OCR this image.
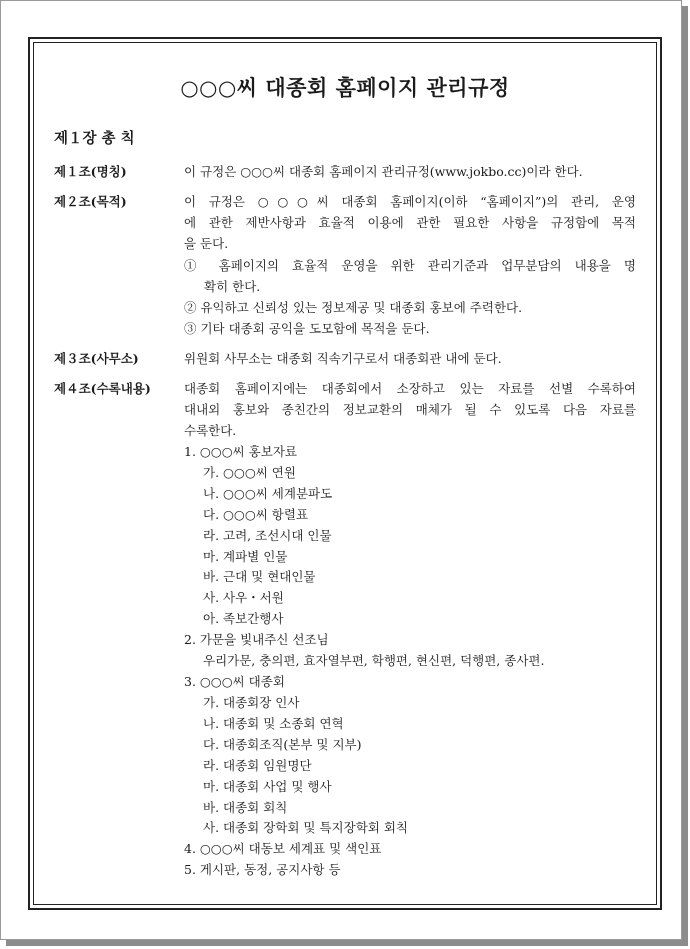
○○○씨 대종회 홈페이지 관리규정
제１장 총 칙
제１조(명칭)	이 규정은 ○○○씨 대종회 홈페이지 관리규정(www.jokbo.cc)이라 한다.
제２조(목적)	이 규정은 ○○○씨 대종회 홈페이지(이하 “홈페이지”)의 관리, 운영
에 관한 제반사항과 효율적 이용에 관한 필요한 사항을 규정함에 목적
을 둔다.
① 홈페이지의 효율적 운영을 위한 관리기준과 업무분담의 내용을 명
확히 한다.
② 유익하고 신뢰성 있는 정보제공 및 대종회 홍보에 주력한다.
③ 기타 대종회 공익을 도모함에 목적을 둔다.
제３조(사무소)	위원회 사무소는 대종회 직속기구로서 대종회관 내에 둔다.
제４조(수록내용)	대종회 홈페이지에는 대종회에서 소장하고 있는 자료를 선별 수록하여
대내외 홍보와 종친간의 정보교환의 매체가 될 수 있도록 다음 자료를
수록한다.
1. ○○○씨 홍보자료
가. ○○○씨 연원
나. ○○○씨 세계분파도
다. ○○○씨 항렬표
라. 고려, 조선시대 인물
마. 계파별 인물
바. 근대 및 현대인물
사. 사우・서원
아. 족보간행사
2. 가문을 빛내주신 선조님
우리가문, 충의편, 효자열부편, 학행편, 현신편, 덕행편, 종사편.
3. ○○○씨 대종회
가. 대종회장 인사
나. 대종회 및 소종회 연혁
다. 대종회조직(본부 및 지부)
라. 대종회 임원명단
마. 대종회 사업 및 행사
바. 대종회 회칙
사. 대종회 장학회 및 특지장학회 회칙
4. ○○○씨 대동보 세계표 및 색인표
5. 게시판, 동정, 공지사항 등
